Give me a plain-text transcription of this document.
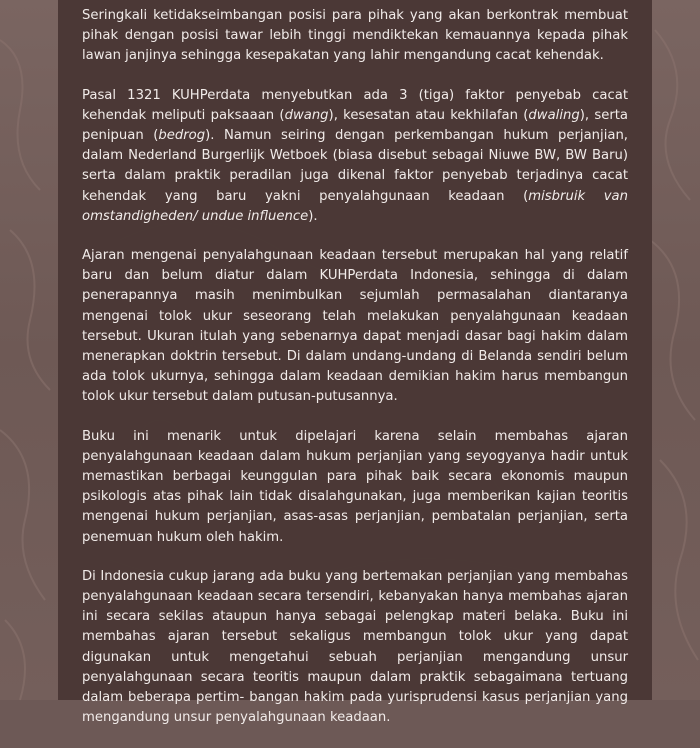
Seringkali ketidakseimbangan posisi para pihak yang akan berkontrak membuat pihak dengan posisi tawar lebih tinggi mendiktekan kemauannya kepada pihak lawan janjinya sehingga kesepakatan yang lahir mengandung cacat kehendak.

Pasal 1321 KUHPerdata menyebutkan ada 3 (tiga) faktor penyebab cacat kehendak meliputi paksaaan (dwang), kesesatan atau kekhilafan (dwaling), serta penipuan (bedrog). Namun seiring dengan perkembangan hukum perjanjian, dalam Nederland Burgerlijk Wetboek (biasa disebut sebagai Niuwe BW, BW Baru) serta dalam praktik peradilan juga dikenal faktor penyebab terjadinya cacat kehendak yang baru yakni penyalahgunaan keadaan (misbruik van omstandigheden/ undue influence).

Ajaran mengenai penyalahgunaan keadaan tersebut merupakan hal yang relatif baru dan belum diatur dalam KUHPerdata Indonesia, sehingga di dalam penerapannya masih menimbulkan sejumlah permasalahan diantaranya mengenai tolok ukur seseorang telah melakukan penyalahgunaan keadaan tersebut. Ukuran itulah yang sebenarnya dapat menjadi dasar bagi hakim dalam menerapkan doktrin tersebut. Di dalam undang-undang di Belanda sendiri belum ada tolok ukurnya, sehingga dalam keadaan demikian hakim harus membangun tolok ukur tersebut dalam putusan-putusannya.

Buku ini menarik untuk dipelajari karena selain membahas ajaran penyalahgunaan keadaan dalam hukum perjanjian yang seyogyanya hadir untuk memastikan berbagai keunggulan para pihak baik secara ekonomis maupun psikologis atas pihak lain tidak disalahgunakan, juga memberikan kajian teoritis mengenai hukum perjanjian, asas-asas perjanjian, pembatalan perjanjian, serta penemuan hukum oleh hakim.

Di Indonesia cukup jarang ada buku yang bertemakan perjanjian yang membahas penyalahgunaan keadaan secara tersendiri, kebanyakan hanya membahas ajaran ini secara sekilas ataupun hanya sebagai pelengkap materi belaka. Buku ini membahas ajaran tersebut sekaligus membangun tolok ukur yang dapat digunakan untuk mengetahui sebuah perjanjian mengandung unsur penyalahgunaan secara teoritis maupun dalam praktik sebagaimana tertuang dalam beberapa pertim- bangan hakim pada yurisprudensi kasus perjanjian yang mengandung unsur penyalahgunaan keadaan.
